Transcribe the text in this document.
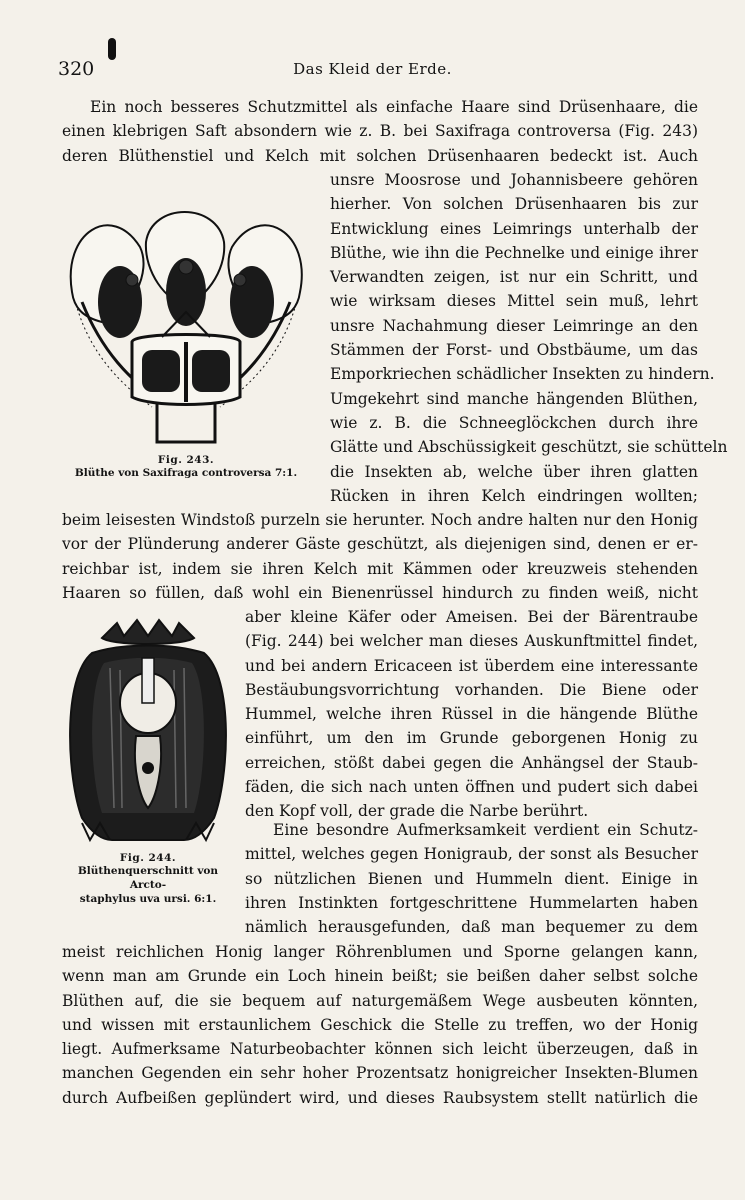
320	Das Kleid der Erde.
Ein noch besseres Schutzmittel als einfache Haare sind Drüsenhaare, die
einen klebrigen Saft absondern wie z. B. bei Saxifraga controversa (Fig. 243)
deren Blüthenstiel und Kelch mit solchen Drüsenhaaren bedeckt ist. Auch
unsre Moosrose und Johannisbeere gehören
hierher. Von solchen Drüsenhaaren bis zur
Entwicklung eines Leimrings unterhalb der
Blüthe, wie ihn die Pechnelke und einige ihrer
Verwandten zeigen, ist nur ein Schritt, und
wie wirksam dieses Mittel sein muß, lehrt
unsre Nachahmung dieser Leimringe an den
Stämmen der Forst- und Obstbäume, um das
Emporkriechen schädlicher Insekten zu hindern.
Umgekehrt sind manche hängenden Blüthen,
wie z. B. die Schneeglöckchen durch ihre
Glätte und Abschüssigkeit geschützt, sie schütteln
die Insekten ab, welche über ihren glatten
Rücken in ihren Kelch eindringen wollten;
beim leisesten Windstoß purzeln sie herunter. Noch andre halten nur den Honig
vor der Plünderung anderer Gäste geschützt, als diejenigen sind, denen er er-
reichbar ist, indem sie ihren Kelch mit Kämmen oder kreuzweis stehenden
Haaren so füllen, daß wohl ein Bienenrüssel hindurch zu finden weiß, nicht
aber kleine Käfer oder Ameisen. Bei der Bärentraube
(Fig. 244) bei welcher man dieses Auskunftmittel findet,
und bei andern Ericaceen ist überdem eine interessante
Bestäubungsvorrichtung vorhanden. Die Biene oder
Hummel, welche ihren Rüssel in die hängende Blüthe
einführt, um den im Grunde geborgenen Honig zu
erreichen, stößt dabei gegen die Anhängsel der Staub-
fäden, die sich nach unten öffnen und pudert sich dabei
den Kopf voll, der grade die Narbe berührt.
Eine besondre Aufmerksamkeit verdient ein Schutz-
mittel, welches gegen Honigraub, der sonst als Besucher
so nützlichen Bienen und Hummeln dient. Einige in
ihren Instinkten fortgeschrittene Hummelarten haben
nämlich herausgefunden, daß man bequemer zu dem
meist reichlichen Honig langer Röhrenblumen und Sporne gelangen kann,
wenn man am Grunde ein Loch hinein beißt; sie beißen daher selbst solche
Blüthen auf, die sie bequem auf naturgemäßem Wege ausbeuten könnten,
und wissen mit erstaunlichem Geschick die Stelle zu treffen, wo der Honig
liegt. Aufmerksame Naturbeobachter können sich leicht überzeugen, daß in
manchen Gegenden ein sehr hoher Prozentsatz honigreicher Insekten-Blumen
durch Aufbeißen geplündert wird, und dieses Raubsystem stellt natürlich die
Fig. 243.
Blüthe von Saxifraga controversa 7:1.
Fig. 244.
Blüthenquerschnitt von Arcto-
staphylus uva ursi. 6:1.
